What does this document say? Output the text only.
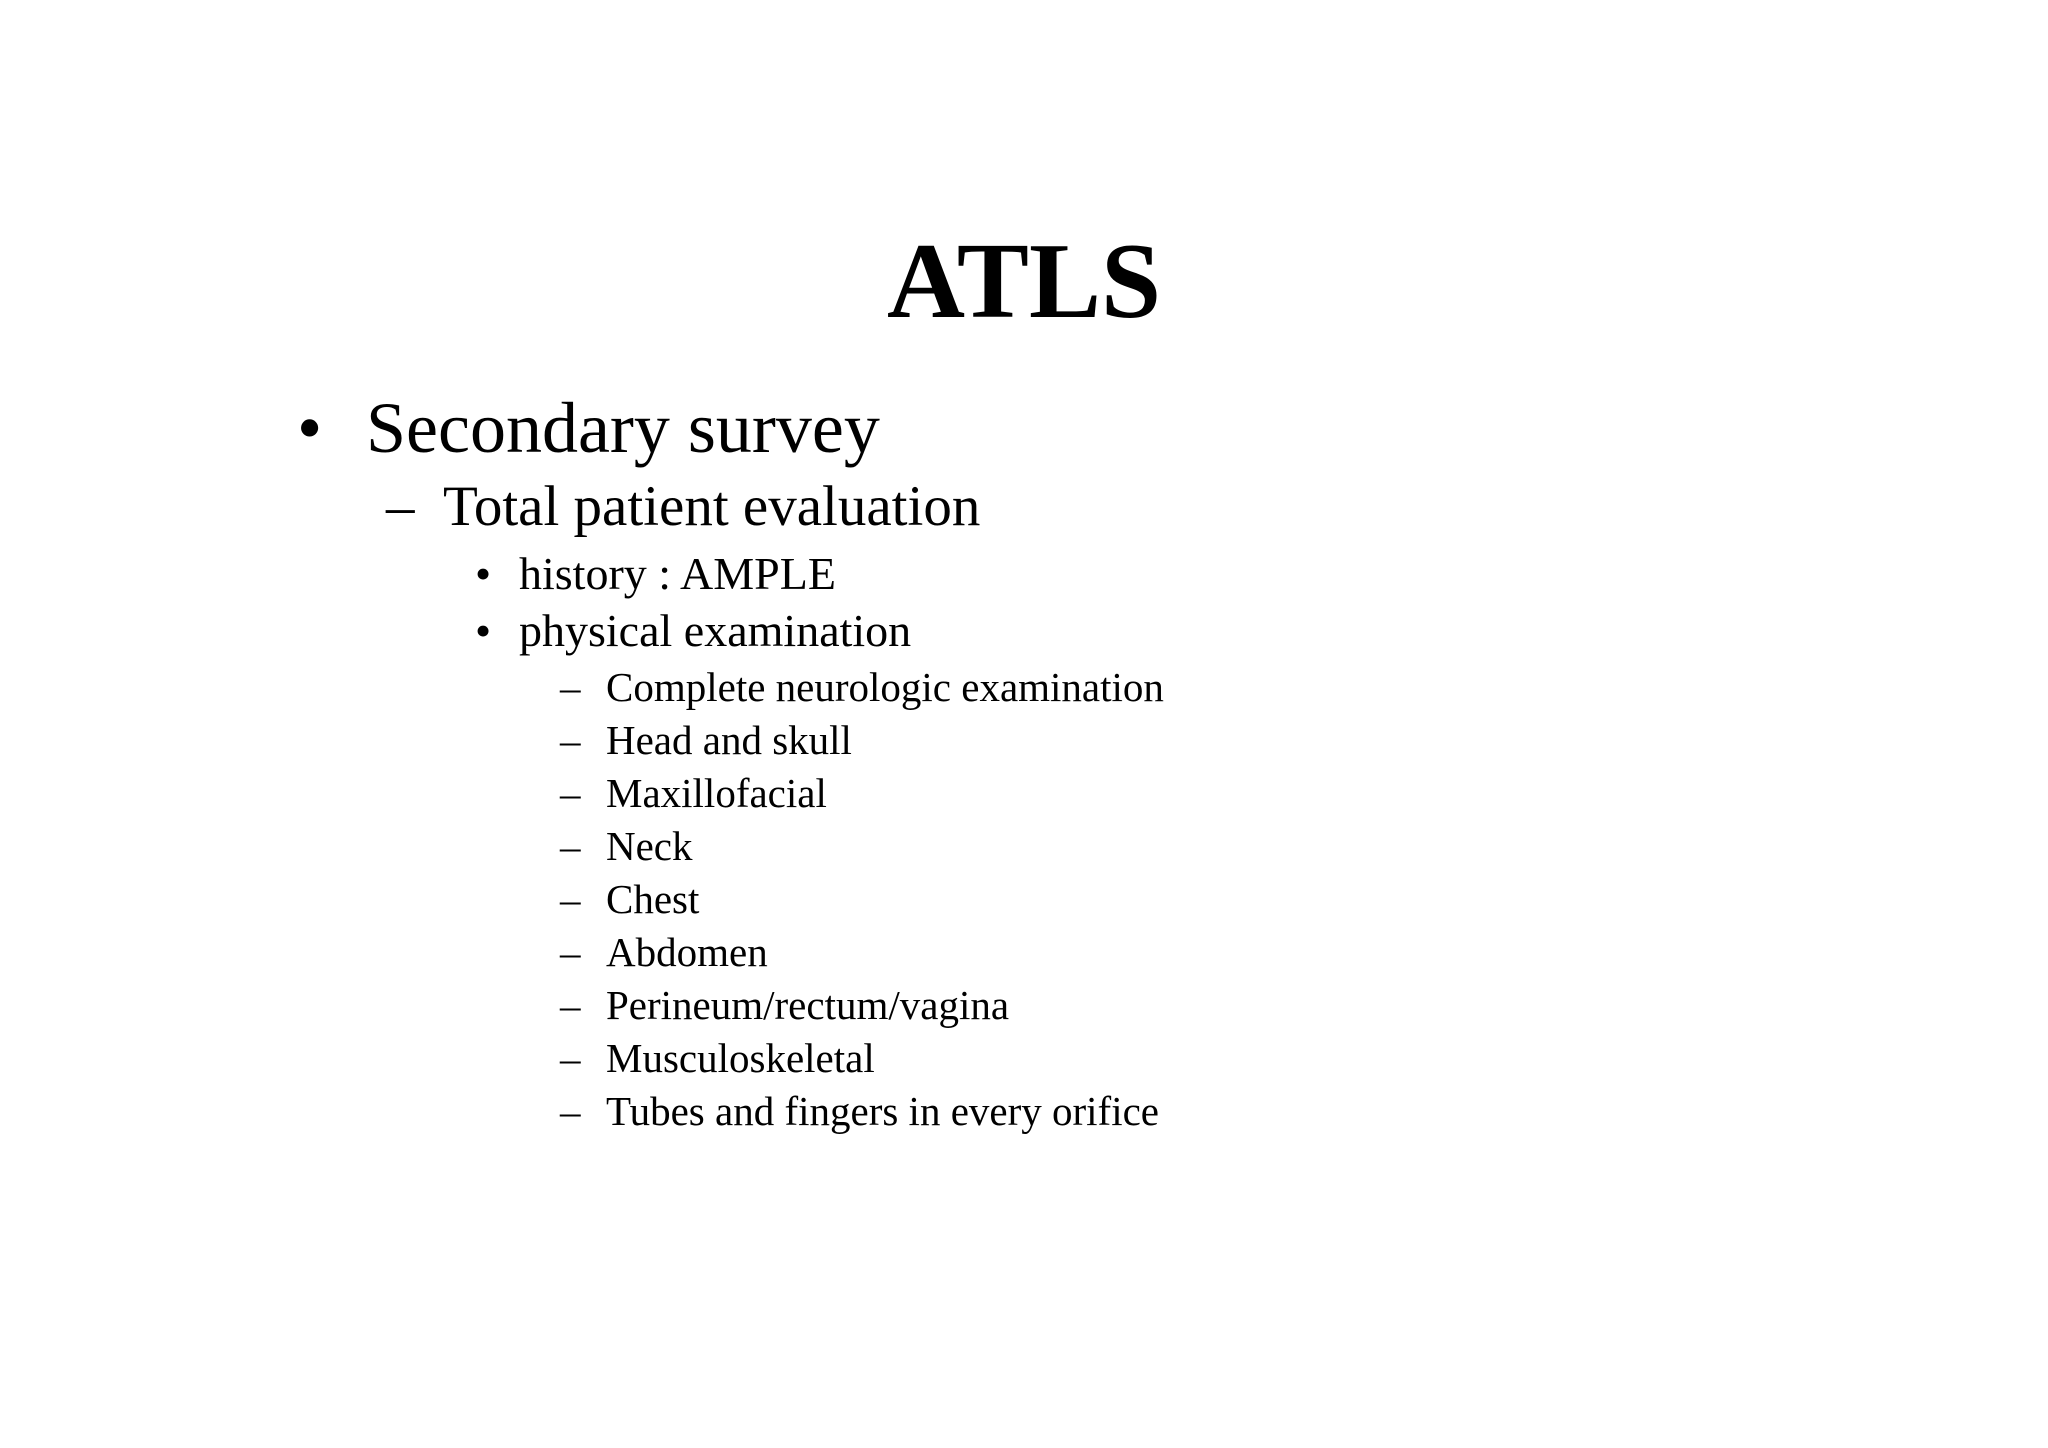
ATLS
• Secondary survey
– Total patient evaluation
• history : AMPLE
• physical examination
– Complete neurologic examination
– Head and skull
– Maxillofacial
– Neck
– Chest
– Abdomen
– Perineum/rectum/vagina
– Musculoskeletal
– Tubes and fingers in every orifice
